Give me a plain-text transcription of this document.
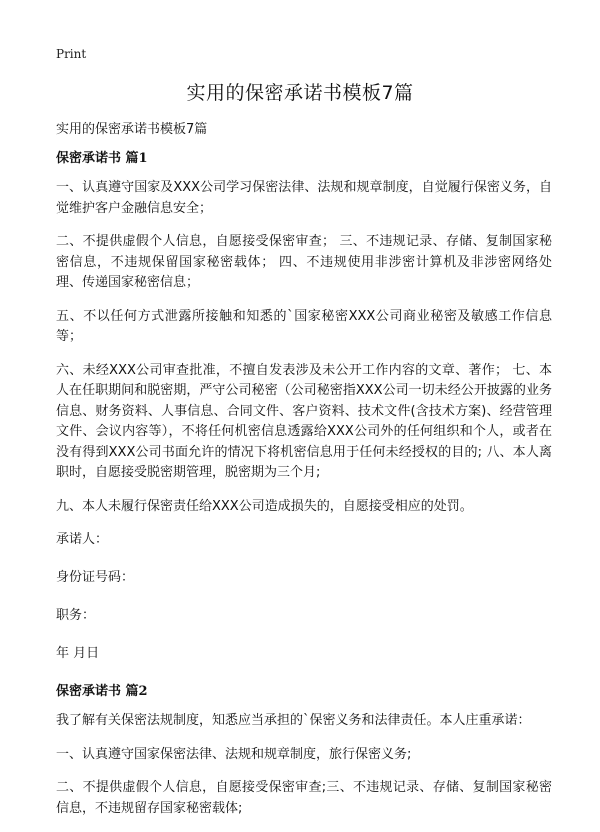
Print
实用的保密承诺书模板7篇

实用的保密承诺书模板7篇

保密承诺书 篇1

一、认真遵守国家及XXX公司学习保密法律、法规和规章制度，自觉履行保密义务，自觉维护客户金融信息安全；

二、不提供虚假个人信息，自愿接受保密审查； 三、不违规记录、存储、复制国家秘密信息，不违规保留国家秘密载体； 四、不违规使用非涉密计算机及非涉密网络处理、传递国家秘密信息；

五、不以任何方式泄露所接触和知悉的`国家秘密XXX公司商业秘密及敏感工作信息等；

六、未经XXX公司审查批准，不擅自发表涉及未公开工作内容的文章、著作； 七、本人在任职期间和脱密期，严守公司秘密（公司秘密指XXX公司一切未经公开披露的业务信息、财务资料、人事信息、合同文件、客户资料、技术文件(含技术方案)、经营管理文件、会议内容等），不将任何机密信息透露给XXX公司外的任何组织和个人，或者在没有得到XXX公司书面允许的情况下将机密信息用于任何未经授权的目的; 八、本人离职时，自愿接受脱密期管理，脱密期为三个月;

九、本人未履行保密责任给XXX公司造成损失的，自愿接受相应的处罚。

承诺人：

身份证号码：

职务：

年 月日

保密承诺书 篇2

我了解有关保密法规制度，知悉应当承担的`保密义务和法律责任。本人庄重承诺：

一、认真遵守国家保密法律、法规和规章制度，旅行保密义务;

二、不提供虚假个人信息，自愿接受保密审查;三、不违规记录、存储、复制国家秘密信息，不违规留存国家秘密载体;
